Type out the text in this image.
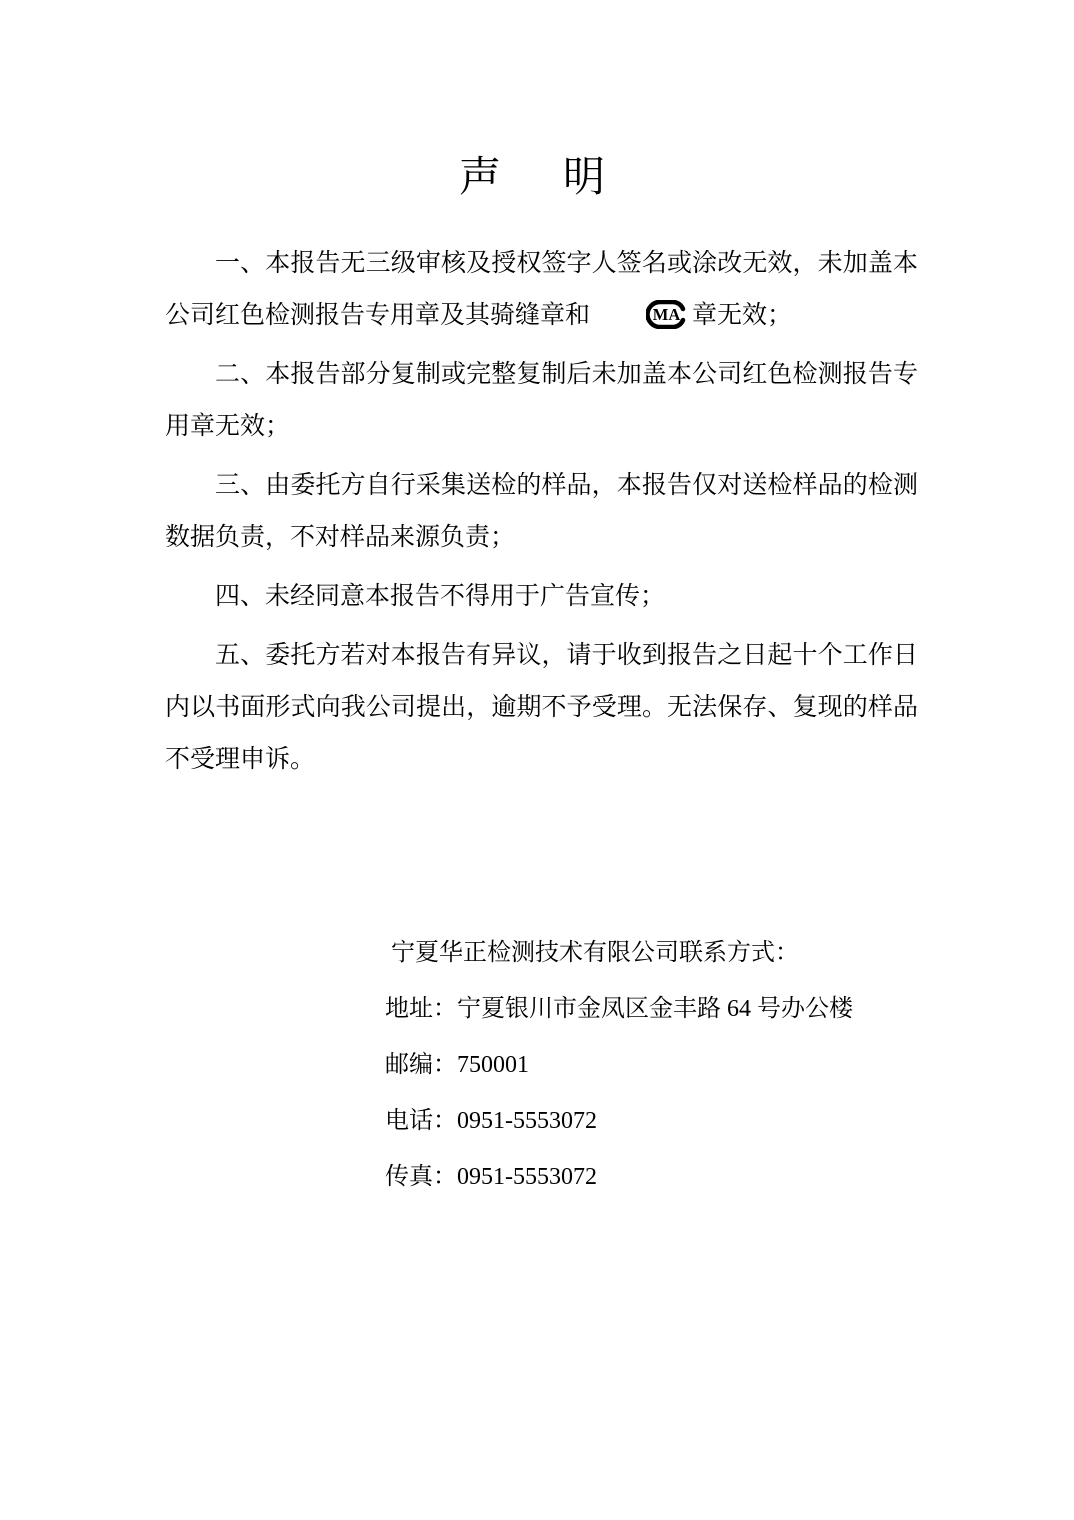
声　明

一、本报告无三级审核及授权签字人签名或涂改无效，未加盖本公司红色检测报告专用章及其骑缝章和 MA 章无效；

二、本报告部分复制或完整复制后未加盖本公司红色检测报告专用章无效；

三、由委托方自行采集送检的样品，本报告仅对送检样品的检测数据负责，不对样品来源负责；

四、未经同意本报告不得用于广告宣传；

五、委托方若对本报告有异议，请于收到报告之日起十个工作日内以书面形式向我公司提出，逾期不予受理。无法保存、复现的样品不受理申诉。

宁夏华正检测技术有限公司联系方式：
地址：宁夏银川市金凤区金丰路 64 号办公楼
邮编：750001
电话：0951-5553072
传真：0951-5553072
